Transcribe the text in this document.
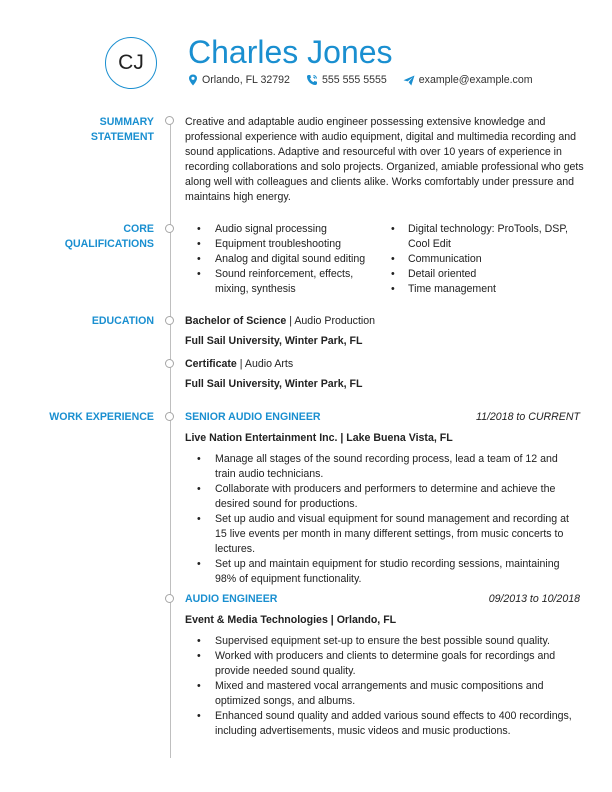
CJ Charles Jones
Orlando, FL 32792	555 555 5555	example@example.com
SUMMARY STATEMENT

Creative and adaptable audio engineer possessing extensive knowledge and professional experience with audio equipment, digital and multimedia recording and sound applications. Adaptive and resourceful with over 10 years of experience in recording collaborations and solo projects. Organized, amiable professional who gets along well with colleagues and clients alike. Works comfortably under pressure and maintains high energy.

CORE QUALIFICATIONS
• Audio signal processing
• Equipment troubleshooting
• Analog and digital sound editing
• Sound reinforcement, effects, mixing, synthesis
• Digital technology: ProTools, DSP, Cool Edit
• Communication
• Detail oriented
• Time management
EDUCATION	Bachelor of Science | Audio Production
Full Sail University, Winter Park, FL
Certificate | Audio Arts
Full Sail University, Winter Park, FL
WORK EXPERIENCE	SENIOR AUDIO ENGINEER	11/2018 to CURRENT
Live Nation Entertainment Inc. | Lake Buena Vista, FL
• Manage all stages of the sound recording process, lead a team of 12 and train audio technicians.
• Collaborate with producers and performers to determine and achieve the desired sound for productions.
• Set up audio and visual equipment for sound management and recording at 15 live events per month in many different settings, from music concerts to lectures.
• Set up and maintain equipment for studio recording sessions, maintaining 98% of equipment functionality.
AUDIO ENGINEER	09/2013 to 10/2018
Event & Media Technologies | Orlando, FL
• Supervised equipment set-up to ensure the best possible sound quality.
• Worked with producers and clients to determine goals for recordings and provide needed sound quality.
• Mixed and mastered vocal arrangements and music compositions and optimized songs, and albums.
• Enhanced sound quality and added various sound effects to 400 recordings, including advertisements, music videos and music productions.
